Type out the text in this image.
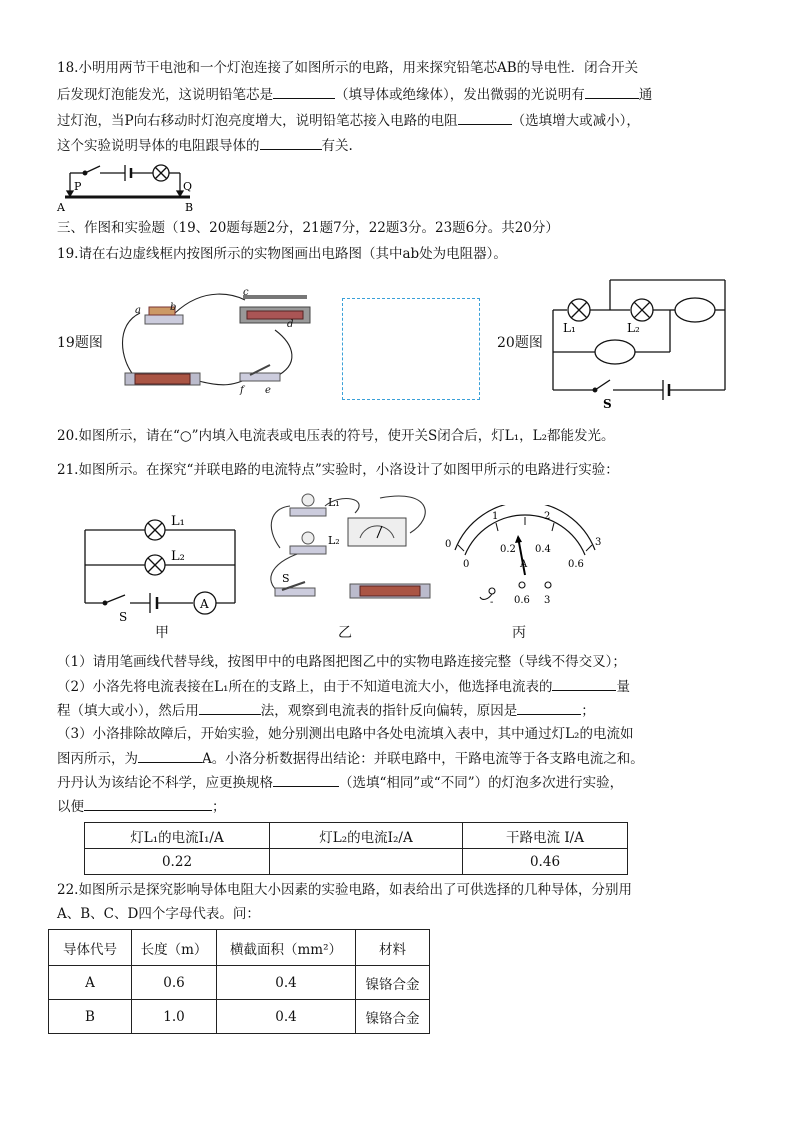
18.小明用两节干电池和一个灯泡连接了如图所示的电路，用来探究铅笔芯AB的导电性．闭合开关
后发现灯泡能发光，这说明铅笔芯是	（填导体或绝缘体），发出微弱的光说明有	通
过灯泡，当P向右移动时灯泡亮度增大，说明铅笔芯接入电路的电阻	（选填增大或减小），
这个实验说明导体的电阻跟导体的	有关.
P	Q
A	B
三、作图和实验题（19、20题每题2分，21题7分，22题3分。23题6分。共20分）
19.请在右边虚线框内按图所示的实物图画出电路图（其中ab处为电阻器）。
19题图
a	b
c
d
e
f
20题图
L₁	L₂
S
20.如图所示，请在“○”内填入电流表或电压表的符号，使开关S闭合后，灯L₁，L₂都能发光。
21.如图所示。在探究“并联电路的电流特点”实验时，小洛设计了如图甲所示的电路进行实验：
L₁
L₂
S
A
L₁
L₂
S
0
1	2
3
0
0.2 0.4
0.6
A
- 0.6 3
甲	乙	丙
（1）请用笔画线代替导线，按图甲中的电路图把图乙中的实物电路连接完整（导线不得交叉）；
（2）小洛先将电流表接在L₁所在的支路上，由于不知道电流大小，他选择电流表的	量
程（填大或小），然后用	法，观察到电流表的指针反向偏转，原因是	；
（3）小洛排除故障后，开始实验，她分别测出电路中各处电流填入表中，其中通过灯L₂的电流如
图丙所示，为	A。小洛分析数据得出结论：并联电路中，干路电流等于各支路电流之和。
丹丹认为该结论不科学，应更换规格	（选填“相同”或“不同”）的灯泡多次进行实验，
以便	；
灯L₁的电流I₁/A	灯L₂的电流I₂/A	干路电流 I/A
0.22		0.46
22.如图所示是探究影响导体电阻大小因素的实验电路，如表给出了可供选择的几种导体，分别用
A、B、C、D四个字母代表。问：
导体代号	长度（m）	横截面积（mm²）	材料
A	0.6	0.4	镍铬合金
B	1.0	0.4	镍铬合金
